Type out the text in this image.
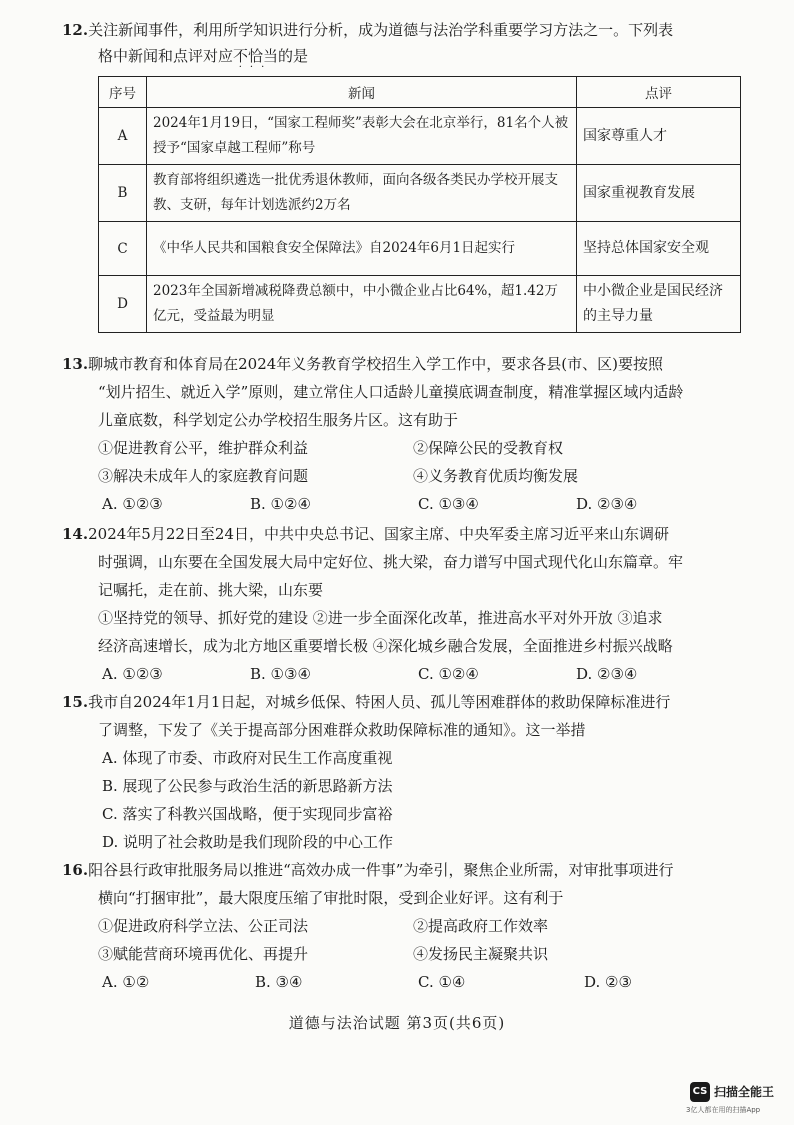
12.关注新闻事件，利用所学知识进行分析，成为道德与法治学科重要学习方法之一。下列表
格中新闻和点评对应不恰当
···
的是
序号	新闻	点评
A	2024年1月19日，“国家工程师奖”表彰大会在北京举行，81名个人被授予“国家卓越工程师”称号	国家尊重人才
B	教育部将组织遴选一批优秀退休教师，面向各级各类民办学校开展支教、支研，每年计划选派约2万名	国家重视教育发展
C	《中华人民共和国粮食安全保障法》自2024年6月1日起实行	坚持总体国家安全观
D	2023年全国新增减税降费总额中，中小微企业占比64%，超1.42万亿元，受益最为明显	中小微企业是国民经济的主导力量
13.聊城市教育和体育局在2024年义务教育学校招生入学工作中，要求各县(市、区)要按照
“划片招生、就近入学”原则，建立常住人口适龄儿童摸底调查制度，精准掌握区域内适龄
儿童底数，科学划定公办学校招生服务片区。这有助于
①促进教育公平，维护群众利益	②保障公民的受教育权
③解决未成年人的家庭教育问题	④义务教育优质均衡发展
A. ①②③	B. ①②④	C. ①③④	D. ②③④
14.2024年5月22日至24日，中共中央总书记、国家主席、中央军委主席习近平来山东调研
时强调，山东要在全国发展大局中定好位、挑大梁，奋力谱写中国式现代化山东篇章。牢
记嘱托，走在前、挑大梁，山东要
①坚持党的领导、抓好党的建设 ②进一步全面深化改革，推进高水平对外开放 ③追求
经济高速增长，成为北方地区重要增长极 ④深化城乡融合发展，全面推进乡村振兴战略
A. ①②③	B. ①③④	C. ①②④	D. ②③④
15.我市自2024年1月1日起，对城乡低保、特困人员、孤儿等困难群体的救助保障标准进行
了调整，下发了《关于提高部分困难群众救助保障标准的通知》。这一举措
A. 体现了市委、市政府对民生工作高度重视
B. 展现了公民参与政治生活的新思路新方法
C. 落实了科教兴国战略，便于实现同步富裕
D. 说明了社会救助是我们现阶段的中心工作
16.阳谷县行政审批服务局以推进“高效办成一件事”为牵引，聚焦企业所需，对审批事项进行
横向“打捆审批”，最大限度压缩了审批时限，受到企业好评。这有利于
①促进政府科学立法、公正司法	②提高政府工作效率
③赋能营商环境再优化、再提升	④发扬民主凝聚共识
A. ①②	B. ③④	C. ①④	D. ②③
道德与法治试题 第3页(共6页)
CS 扫描全能王
3亿人都在用的扫描App
